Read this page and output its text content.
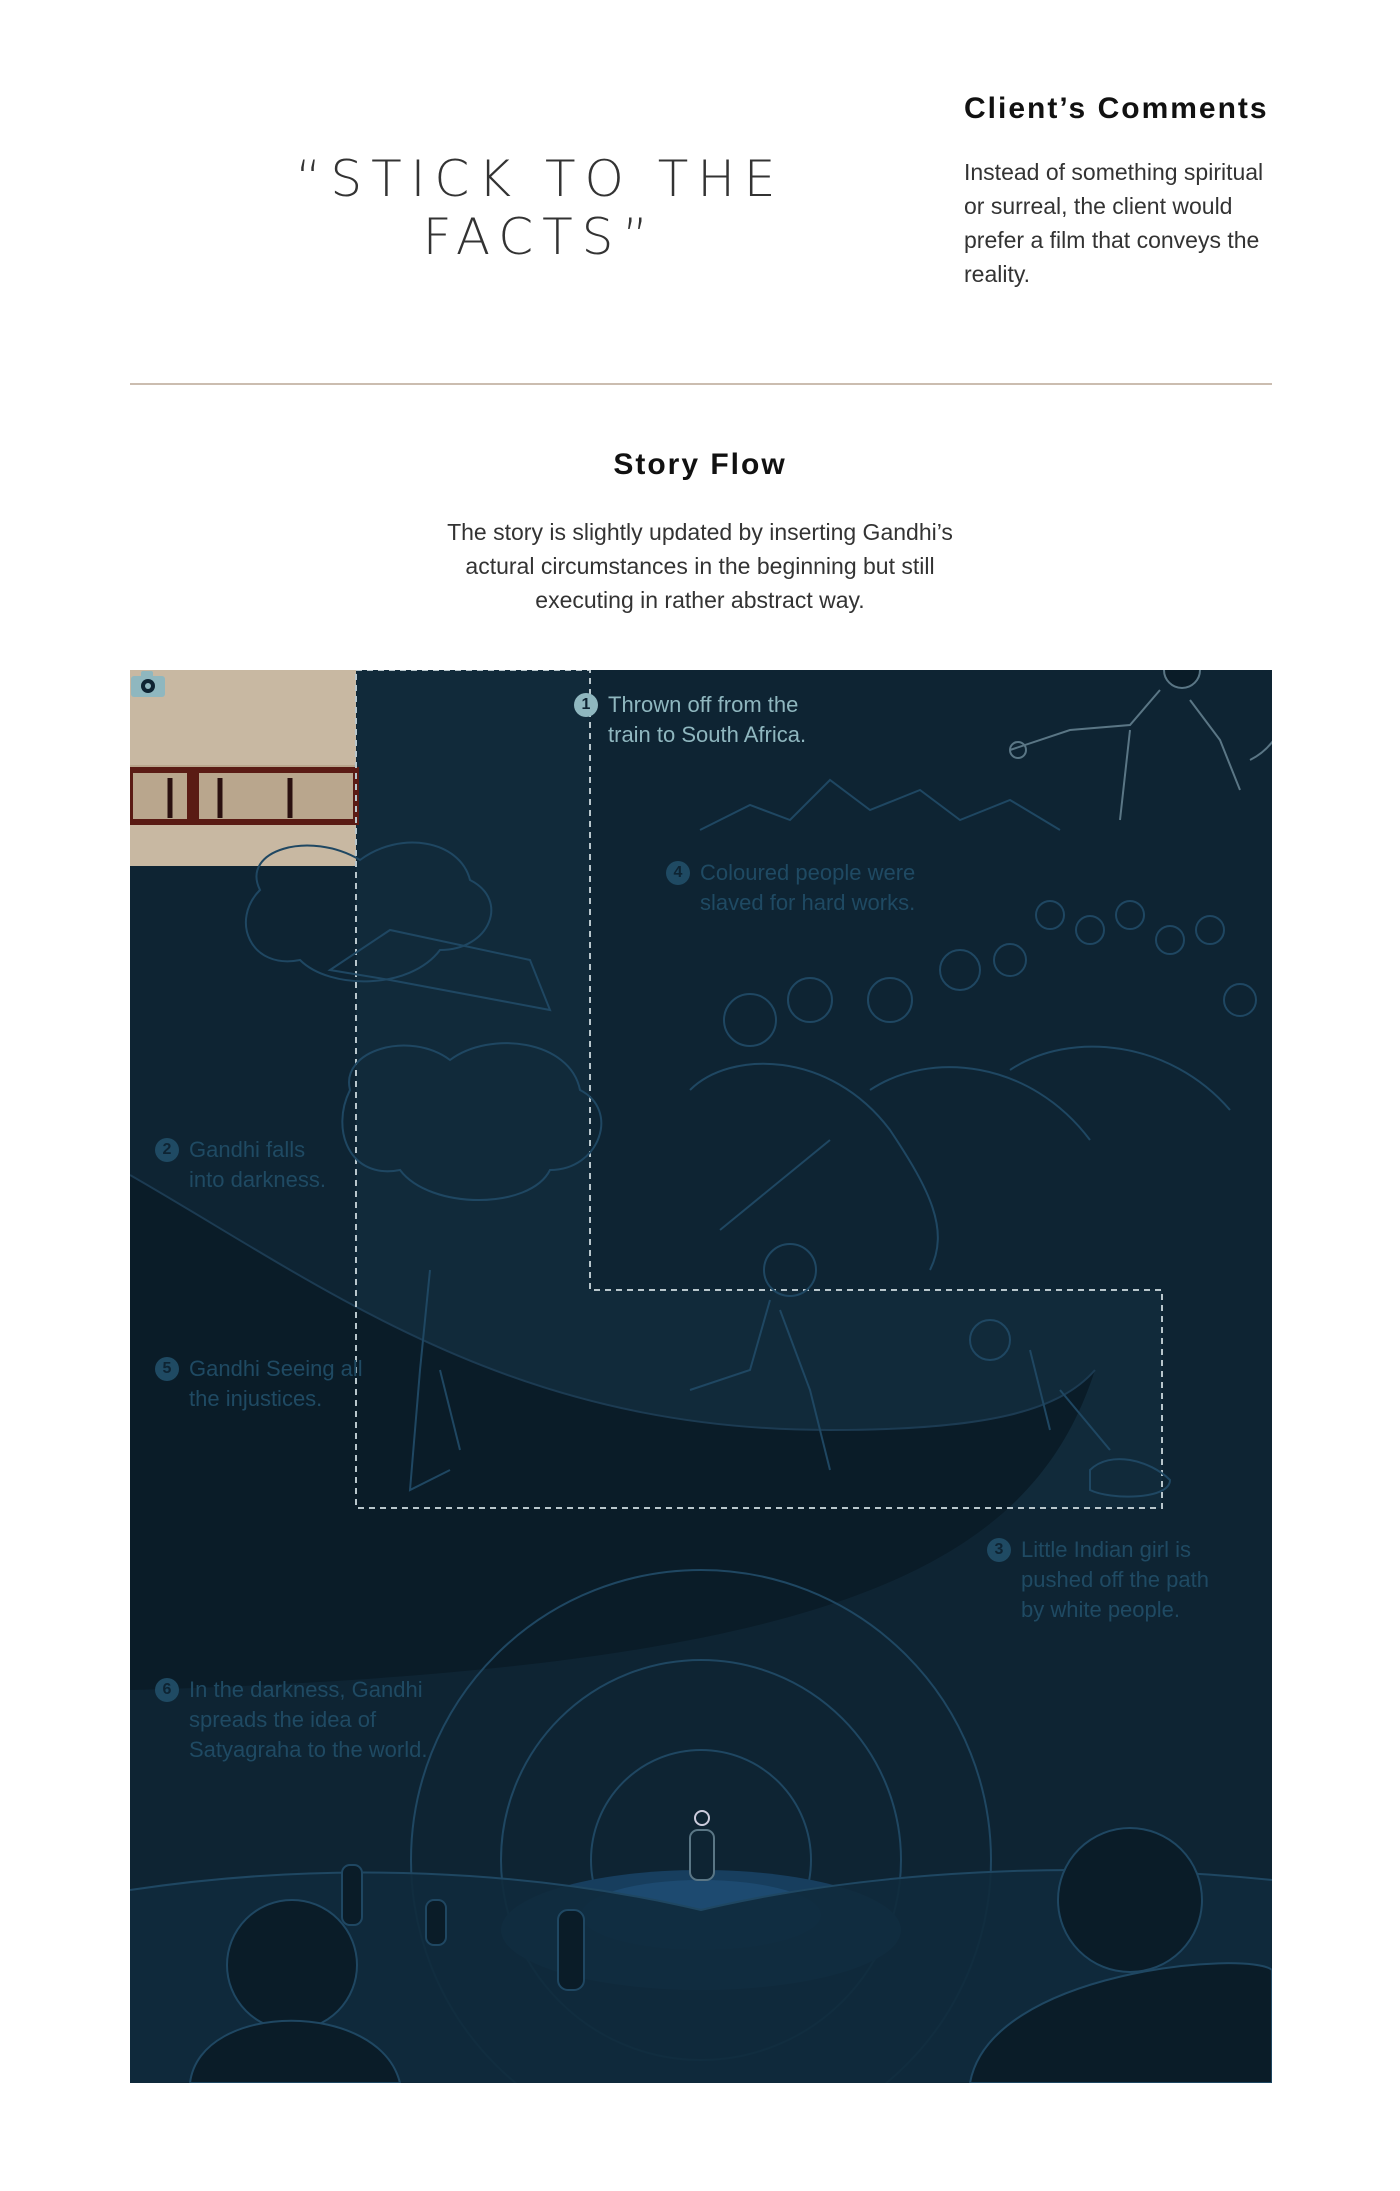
“STICK TO THE FACTS”
Client’s Comments
Instead of something spiritual or surreal, the client would prefer a film that conveys the reality.
Story Flow
The story is slightly updated by inserting Gandhi’s actural circumstances in the beginning but still executing in rather abstract way.
1 Thrown off from the
train to South Africa.
2 Gandhi falls
into darkness.
3 Little Indian girl is
pushed off the path
by white people.
4 Coloured people were
slaved for hard works.
5 Gandhi Seeing all
the injustices.
6 In the darkness, Gandhi
spreads the idea of
Satyagraha to the world.
